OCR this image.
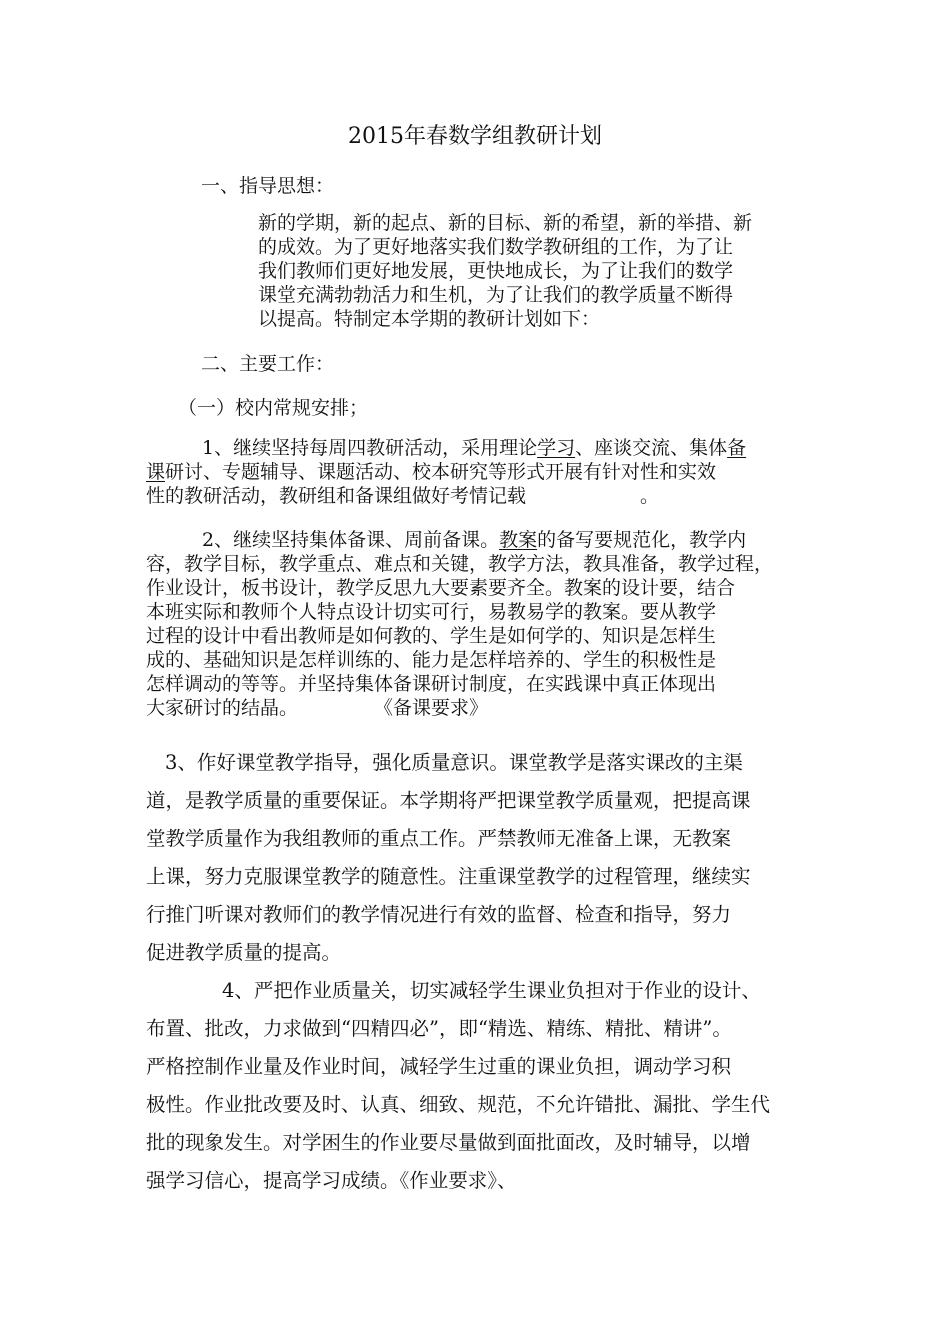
2015年春数学组教研计划
一、指导思想：
新的学期，新的起点、新的目标、新的希望，新的举措、新
的成效。为了更好地落实我们数学教研组的工作，为了让
我们教师们更好地发展，更快地成长，为了让我们的数学
课堂充满勃勃活力和生机，为了让我们的教学质量不断得
以提高。特制定本学期的教研计划如下：
二、主要工作：
（一）校内常规安排；
1、继续坚持每周四教研活动，采用理论学习、座谈交流、集体备
课研讨、专题辅导、课题活动、校本研究等形式开展有针对性和实效
性的教研活动，教研组和备课组做好考情记载　　　　　　。
2、继续坚持集体备课、周前备课。教案的备写要规范化，教学内
容，教学目标，教学重点、难点和关键，教学方法，教具准备，教学过程，
作业设计，板书设计，教学反思九大要素要齐全。教案的设计要，结合
本班实际和教师个人特点设计切实可行，易教易学的教案。要从教学
过程的设计中看出教师是如何教的、学生是如何学的、知识是怎样生
成的、基础知识是怎样训练的、能力是怎样培养的、学生的积极性是
怎样调动的等等。并坚持集体备课研讨制度，在实践课中真正体现出
大家研讨的结晶。　　　　　《备课要求》
3、作好课堂教学指导，强化质量意识。课堂教学是落实课改的主渠
道，是教学质量的重要保证。本学期将严把课堂教学质量观，把提高课
堂教学质量作为我组教师的重点工作。严禁教师无准备上课，无教案
上课，努力克服课堂教学的随意性。注重课堂教学的过程管理，继续实
行推门听课对教师们的教学情况进行有效的监督、检查和指导，努力
促进教学质量的提高。
4、严把作业质量关，切实减轻学生课业负担对于作业的设计、
布置、批改，力求做到“四精四必”，即“精选、精练、精批、精讲”。
严格控制作业量及作业时间，减轻学生过重的课业负担，调动学习积
极性。作业批改要及时、认真、细致、规范，不允许错批、漏批、学生代
批的现象发生。对学困生的作业要尽量做到面批面改，及时辅导，以增
强学习信心，提高学习成绩。《作业要求》、
